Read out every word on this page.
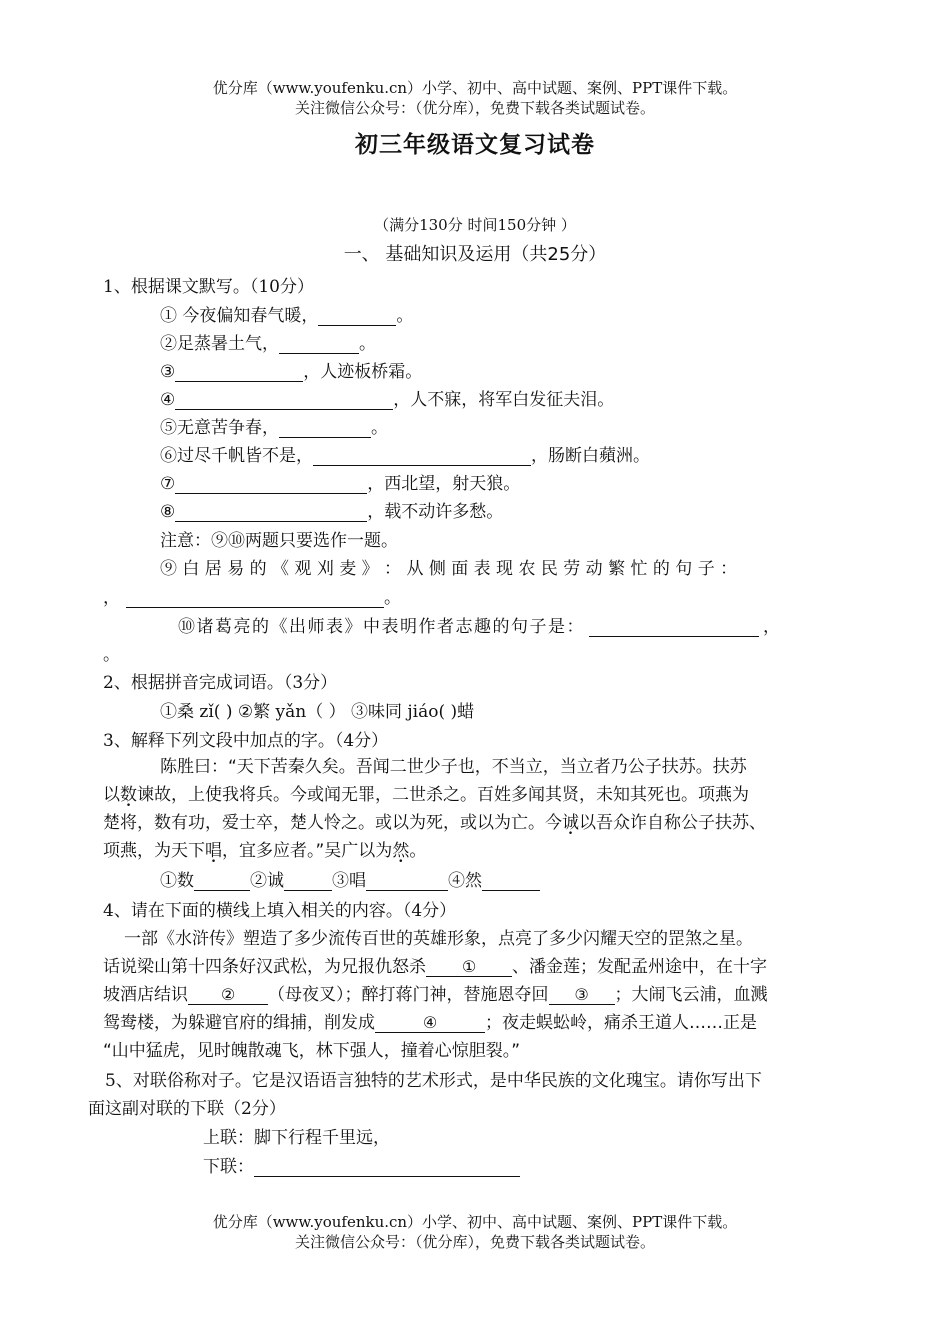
优分库（www.youfenku.cn）小学、初中、高中试题、案例、PPT课件下载。
关注微信公众号：（优分库），免费下载各类试题试卷。
初三年级语文复习试卷
（满分130分 时间150分钟 ）
一、 基础知识及运用（共25分）
1、根据课文默写。（10分）
① 今夜偏知春气暖，	。
②足蒸暑土气，	。
③	，人迹板桥霜。
④	，人不寐，将军白发征夫泪。
⑤无意苦争春，	。
⑥过尽千帆皆不是，	，肠断白蘋洲。
⑦	，西北望，射天狼。
⑧	，载不动许多愁。
注意：⑨⑩两题只要选作一题。
⑨ 白 居 易 的 《 观 刈 麦 》 ： 从 侧 面 表 现 农 民 劳 动 繁 忙 的 句 子 ：
，	。
⑩诸葛亮的《出师表》中表明作者志趣的句子是：	，
。
2、根据拼音完成词语。（3分）
①桑 zǐ( ) ②繁 yǎn（ ） ③味同 jiáo( )蜡
3、解释下列文段中加点的字。（4分）
陈胜曰：“天下苦秦久矣。吾闻二世少子也，不当立，当立者乃公子扶苏。扶苏
以数谏故，上使我将兵。今或闻无罪，二世杀之。百姓多闻其贤，未知其死也。项燕为
楚将，数有功，爱士卒，楚人怜之。或以为死，或以为亡。今诚以吾众诈自称公子扶苏、
项燕，为天下唱，宜多应者。”吴广以为然。
①数	②诚	③唱	④然
4、请在下面的横线上填入相关的内容。（4分）
一部《水浒传》塑造了多少流传百世的英雄形象，点亮了多少闪耀天空的罡煞之星。
话说梁山第十四条好汉武松，为兄报仇怒杀 ① 、潘金莲；发配孟州途中，在十字
坡酒店结识 ② （母夜叉）；醉打蒋门神，替施恩夺回 ③ ；大闹飞云浦，血溅
鸳鸯楼，为躲避官府的缉捕，削发成	④	；夜走蜈蚣岭，痛杀王道人……正是
“山中猛虎，见时魄散魂飞，林下强人，撞着心惊胆裂。”
5、对联俗称对子。它是汉语语言独特的艺术形式，是中华民族的文化瑰宝。请你写出下
面这副对联的下联（2分）
上联：脚下行程千里远，
下联：
优分库（www.youfenku.cn）小学、初中、高中试题、案例、PPT课件下载。
关注微信公众号：（优分库），免费下载各类试题试卷。
